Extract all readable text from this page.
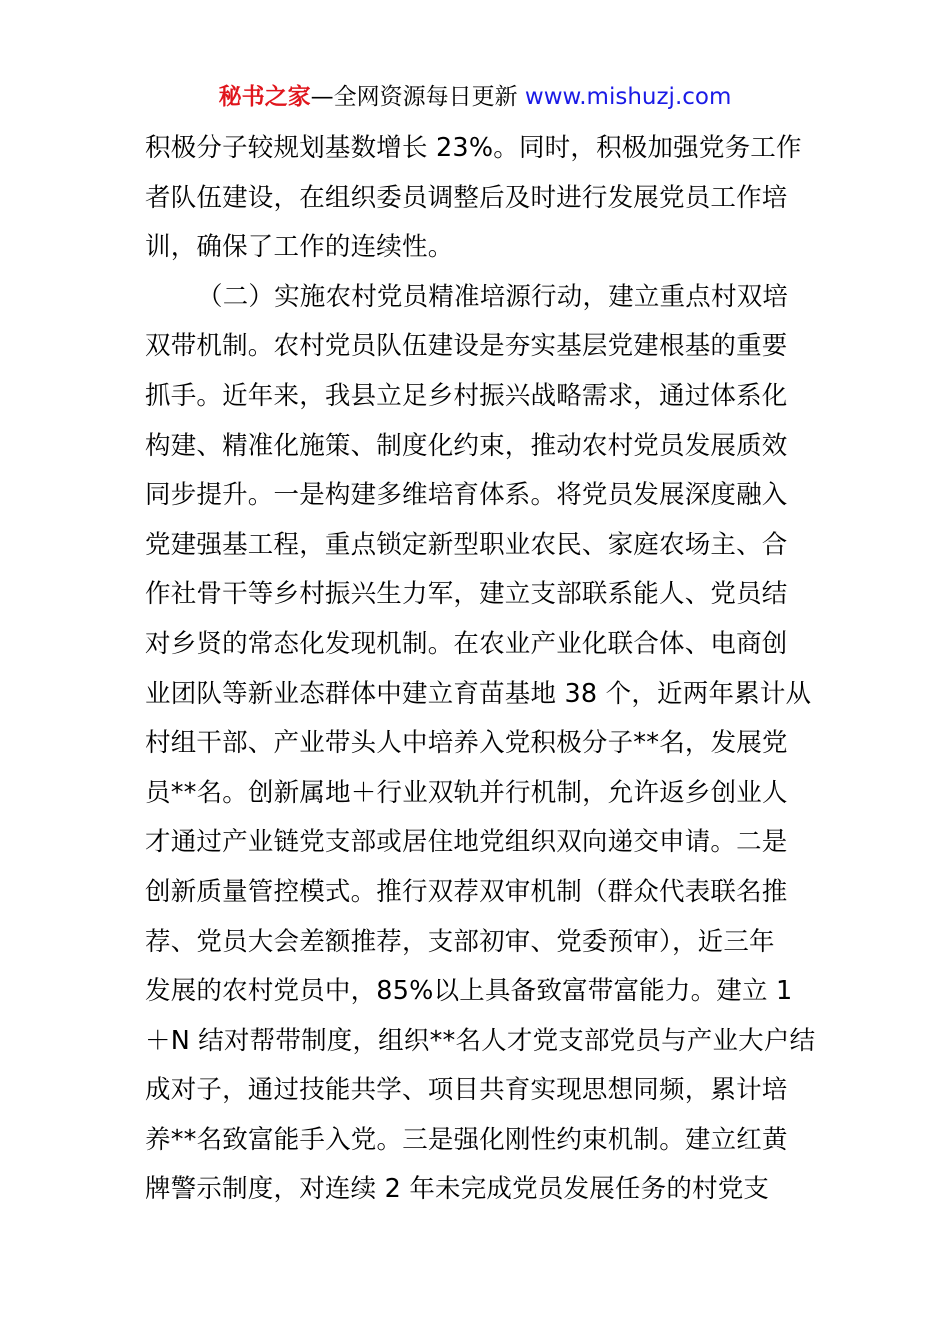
秘书之家—全网资源每日更新 www.mishuzj.com
积极分子较规划基数增长 23%。同时，积极加强党务工作
者队伍建设，在组织委员调整后及时进行发展党员工作培
训，确保了工作的连续性。
（二）实施农村党员精准培源行动，建立重点村双培
双带机制。农村党员队伍建设是夯实基层党建根基的重要
抓手。近年来，我县立足乡村振兴战略需求，通过体系化
构建、精准化施策、制度化约束，推动农村党员发展质效
同步提升。一是构建多维培育体系。将党员发展深度融入
党建强基工程，重点锁定新型职业农民、家庭农场主、合
作社骨干等乡村振兴生力军，建立支部联系能人、党员结
对乡贤的常态化发现机制。在农业产业化联合体、电商创
业团队等新业态群体中建立育苗基地 38 个，近两年累计从
村组干部、产业带头人中培养入党积极分子**名，发展党
员**名。创新属地＋行业双轨并行机制，允许返乡创业人
才通过产业链党支部或居住地党组织双向递交申请。二是
创新质量管控模式。推行双荐双审机制（群众代表联名推
荐、党员大会差额推荐，支部初审、党委预审），近三年
发展的农村党员中，85%以上具备致富带富能力。建立 1
＋N 结对帮带制度，组织**名人才党支部党员与产业大户结
成对子，通过技能共学、项目共育实现思想同频，累计培
养**名致富能手入党。三是强化刚性约束机制。建立红黄
牌警示制度，对连续 2 年未完成党员发展任务的村党支
